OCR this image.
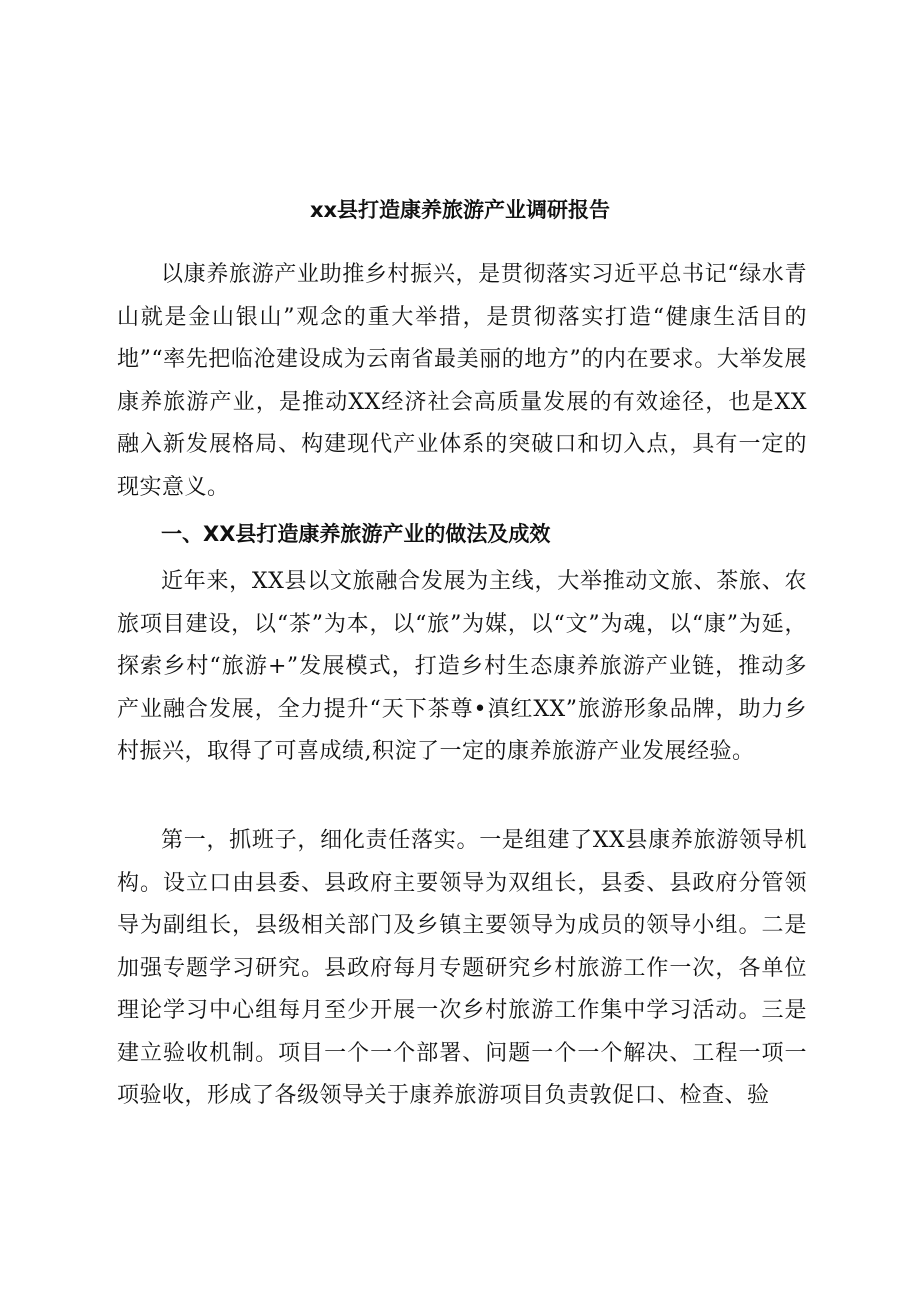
xx县打造康养旅游产业调研报告

以康养旅游产业助推乡村振兴，是贯彻落实习近平总书记“绿水青山就是金山银山”观念的重大举措，是贯彻落实打造“健康生活目的地”“率先把临沧建设成为云南省最美丽的地方”的内在要求。大举发展康养旅游产业，是推动XX经济社会高质量发展的有效途径，也是XX融入新发展格局、构建现代产业体系的突破口和切入点，具有一定的现实意义。

一、XX县打造康养旅游产业的做法及成效

近年来，XX县以文旅融合发展为主线，大举推动文旅、茶旅、农旅项目建设，以“茶”为本，以“旅”为媒，以“文”为魂，以“康”为延，探索乡村“旅游+”发展模式，打造乡村生态康养旅游产业链，推动多产业融合发展，全力提升“天下茶尊•滇红XX”旅游形象品牌，助力乡村振兴，取得了可喜成绩,积淀了一定的康养旅游产业发展经验。

第一，抓班子，细化责任落实。一是组建了XX县康养旅游领导机构。设立口由县委、县政府主要领导为双组长，县委、县政府分管领导为副组长，县级相关部门及乡镇主要领导为成员的领导小组。二是加强专题学习研究。县政府每月专题研究乡村旅游工作一次，各单位理论学习中心组每月至少开展一次乡村旅游工作集中学习活动。三是建立验收机制。项目一个一个部署、问题一个一个解决、工程一项一项验收，形成了各级领导关于康养旅游项目负责敦促口、检查、验
